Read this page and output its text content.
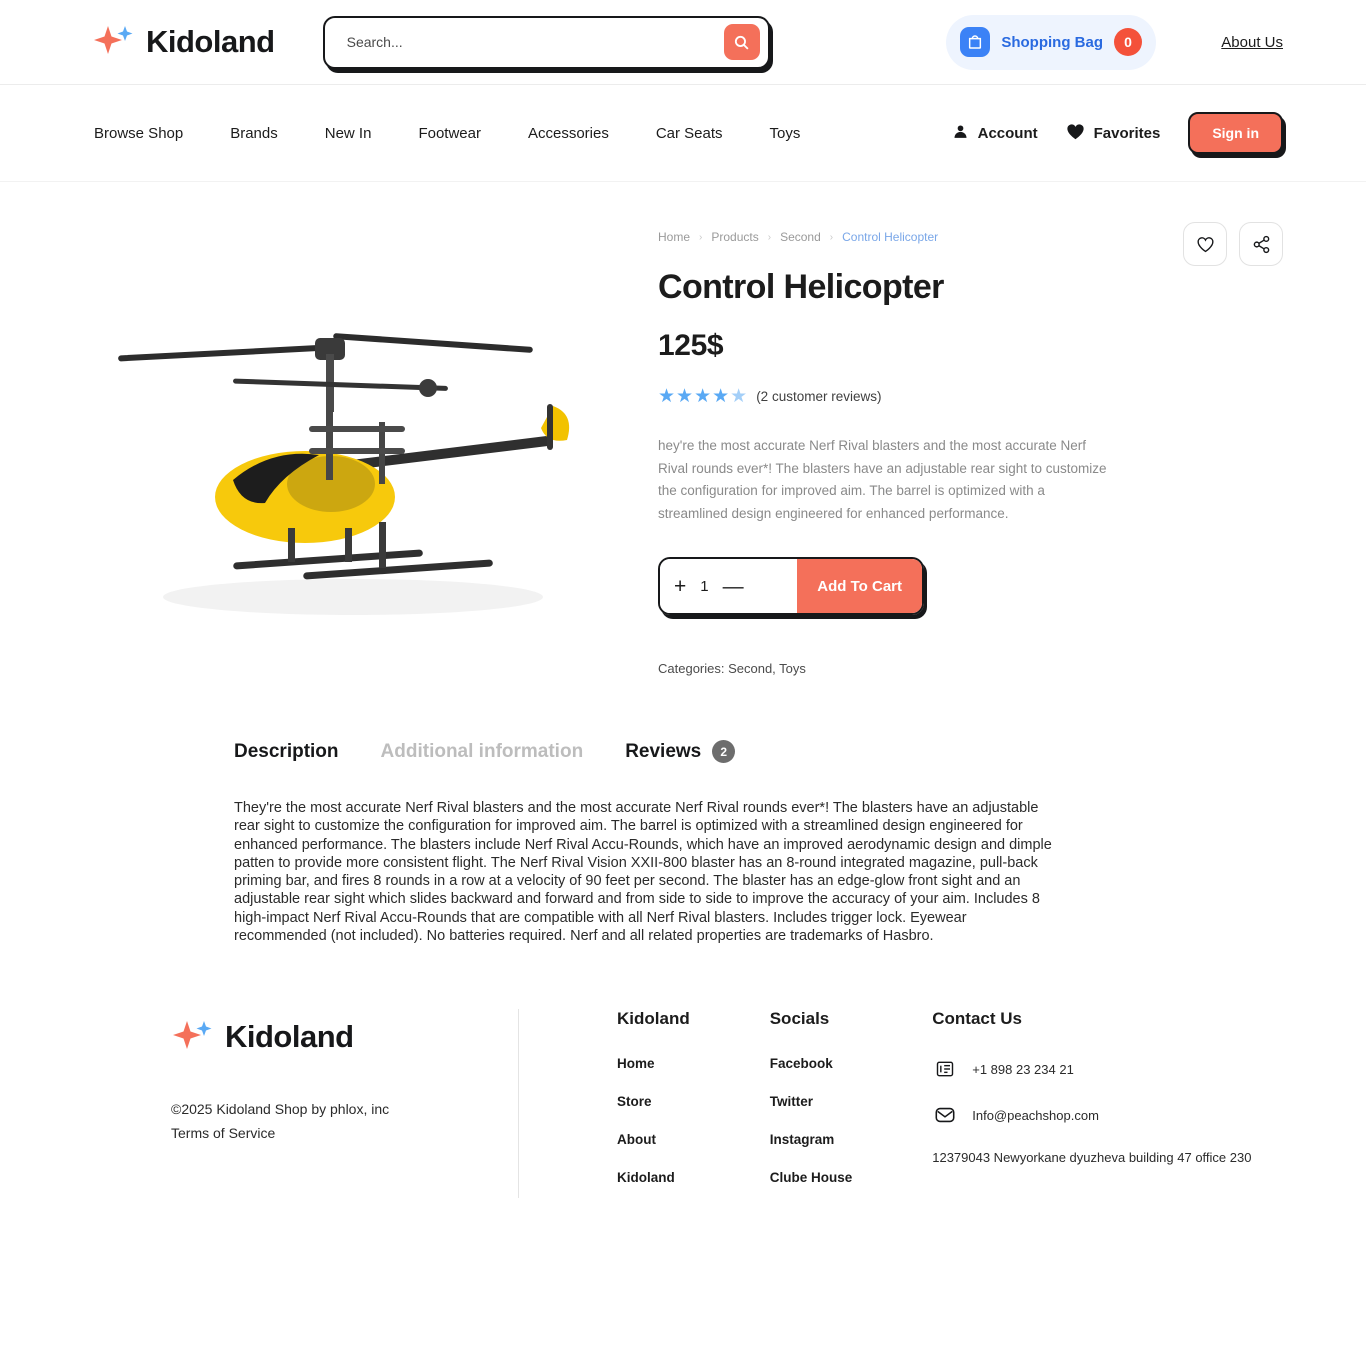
Kidoland
Search...	Shopping Bag	0	About Us
Browse Shop	Brands	New In	Footwear	Accessories	Car Seats	Toys	Account	Favorites	Sign in
Home › Products › Second › Control Helicopter
Control Helicopter
125$
★★★★ ★ (2 customer reviews)

hey're the most accurate Nerf Rival blasters and the most accurate Nerf Rival rounds ever*! The blasters have an adjustable rear sight to customize the configuration for improved aim. The barrel is optimized with a streamlined design engineered for enhanced performance.

+ 1 —	Add To Cart
Categories: Second, Toys
Description Additional information Reviews	2
They're the most accurate Nerf Rival blasters and the most accurate Nerf Rival rounds ever*! The blasters have an adjustable rear sight to customize the configuration for improved aim. The barrel is optimized with a streamlined design engineered for enhanced performance. The blasters include Nerf Rival Accu-Rounds, which have an improved aerodynamic design and dimple patten to provide more consistent flight. The Nerf Rival Vision XXII-800 blaster has an 8-round integrated magazine, pull-back priming bar, and fires 8 rounds in a row at a velocity of 90 feet per second. The blaster has an edge-glow front sight and an adjustable rear sight which slides backward and forward and from side to side to improve the accuracy of your aim. Includes 8 high-impact Nerf Rival Accu-Rounds that are compatible with all Nerf Rival blasters. Includes trigger lock. Eyewear recommended (not included). No batteries required. Nerf and all related properties are trademarks of Hasbro.
Kidoland
©2025 Kidoland Shop by phlox, inc Terms of Service
Kidoland
Home
Store
About
Kidoland
Socials
Facebook
Twitter
Instagram
Clube House
Contact Us
+1 898 23 234 21
Info@peachshop.com
12379043 Newyorkane dyuzheva building 47 office 230
